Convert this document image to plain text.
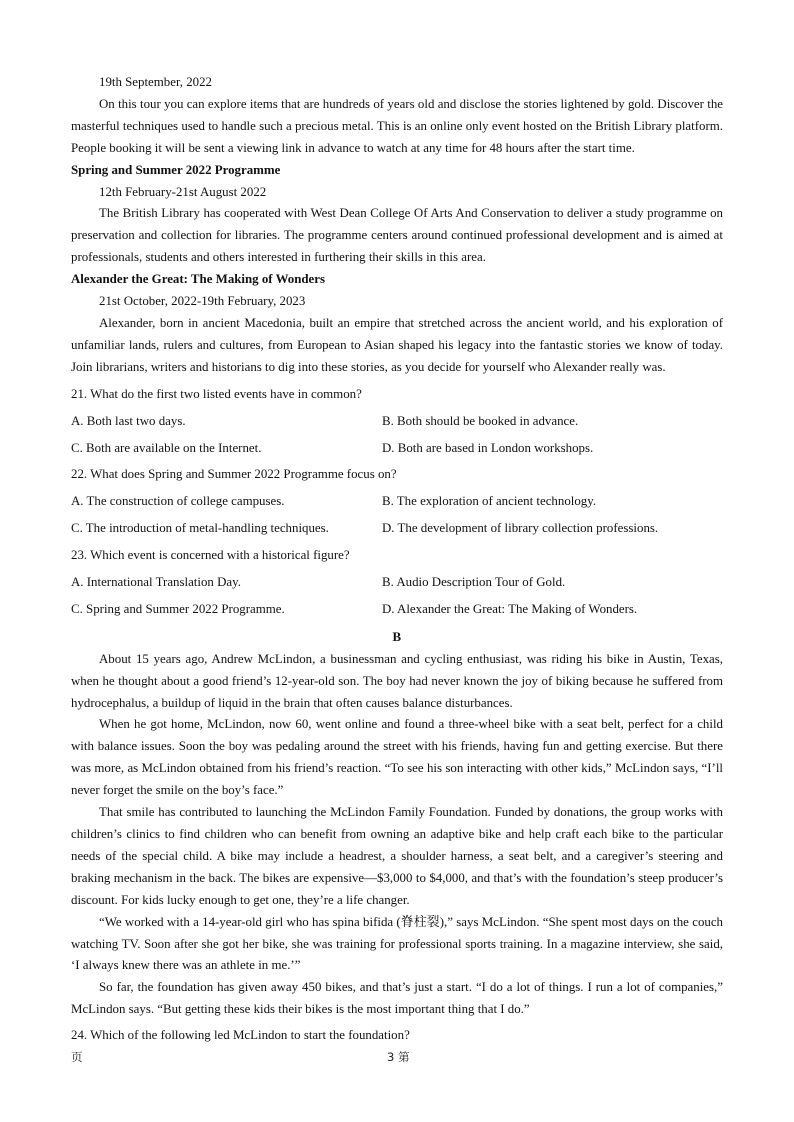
19th September, 2022

On this tour you can explore items that are hundreds of years old and disclose the stories lightened by gold. Discover the masterful techniques used to handle such a precious metal. This is an online only event hosted on the British Library platform. People booking it will be sent a viewing link in advance to watch at any time for 48 hours after the start time.

Spring and Summer 2022 Programme

12th February-21st August 2022

The British Library has cooperated with West Dean College Of Arts And Conservation to deliver a study programme on preservation and collection for libraries. The programme centers around continued professional development and is aimed at professionals, students and others interested in furthering their skills in this area.

Alexander the Great: The Making of Wonders

21st October, 2022-19th February, 2023

Alexander, born in ancient Macedonia, built an empire that stretched across the ancient world, and his exploration of unfamiliar lands, rulers and cultures, from European to Asian shaped his legacy into the fantastic stories we know of today. Join librarians, writers and historians to dig into these stories, as you decide for yourself who Alexander really was.

21. What do the first two listed events have in common?

A. Both last two days.	B. Both should be booked in advance.
C. Both are available on the Internet.	D. Both are based in London workshops.

22. What does Spring and Summer 2022 Programme focus on?

A. The construction of college campuses.	B. The exploration of ancient technology.
C. The introduction of metal-handling techniques.	D. The development of library collection professions.

23. Which event is concerned with a historical figure?

A. International Translation Day.	B. Audio Description Tour of Gold.
C. Spring and Summer 2022 Programme.	D. Alexander the Great: The Making of Wonders.

B

About 15 years ago, Andrew McLindon, a businessman and cycling enthusiast, was riding his bike in Austin, Texas, when he thought about a good friend’s 12-year-old son. The boy had never known the joy of biking because he suffered from hydrocephalus, a buildup of liquid in the brain that often causes balance disturbances.

When he got home, McLindon, now 60, went online and found a three-wheel bike with a seat belt, perfect for a child with balance issues. Soon the boy was pedaling around the street with his friends, having fun and getting exercise. But there was more, as McLindon obtained from his friend’s reaction. “To see his son interacting with other kids,” McLindon says, “I’ll never forget the smile on the boy’s face.”

That smile has contributed to launching the McLindon Family Foundation. Funded by donations, the group works with children’s clinics to find children who can benefit from owning an adaptive bike and help craft each bike to the particular needs of the special child. A bike may include a headrest, a shoulder harness, a seat belt, and a caregiver’s steering and braking mechanism in the back. The bikes are expensive—$3,000 to $4,000, and that’s with the foundation’s steep producer’s discount. For kids lucky enough to get one, they’re a life changer.

“We worked with a 14-year-old girl who has spina bifida (脊柱裂),” says McLindon. “She spent most days on the couch watching TV. Soon after she got her bike, she was training for professional sports training. In a magazine interview, she said, ‘I always knew there was an athlete in me.’”

So far, the foundation has given away 450 bikes, and that’s just a start. “I do a lot of things. I run a lot of companies,” McLindon says. “But getting these kids their bikes is the most important thing that I do.”

24. Which of the following led McLindon to start the foundation?

页	3 第
